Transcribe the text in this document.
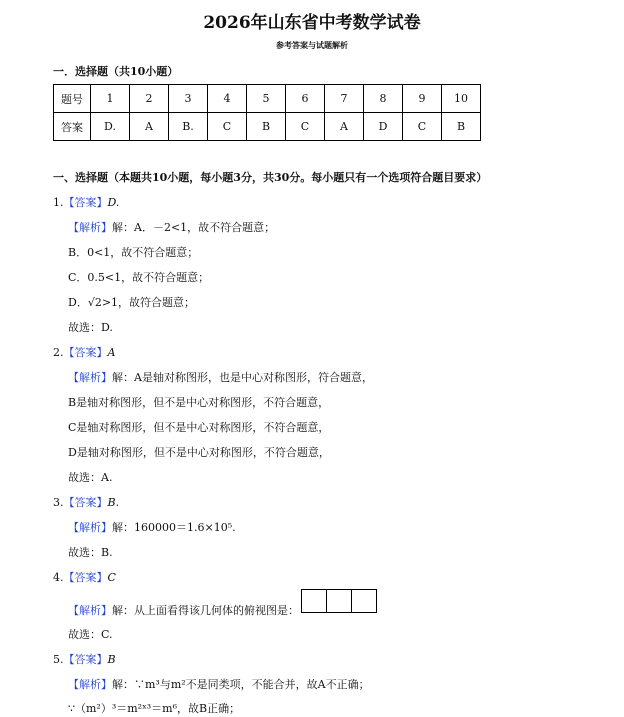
2026年山东省中考数学试卷
参考答案与试题解析
一．选择题（共10小题）
题号	1	2	3	4	5	6	7	8	9	10
答案	D.	A	B.	C	B	C	A	D	C	B
一、选择题（本题共10小题，每小题3分，共30分。每小题只有一个选项符合题目要求）
1.【答案】D.
【解析】解：A．－2<1，故不符合题意；
B．0<1，故不符合题意；
C．0.5<1，故不符合题意；
D．√2>1，故符合题意；
故选：D.
2.【答案】A
【解析】解：A是轴对称图形，也是中心对称图形，符合题意，
B是轴对称图形，但不是中心对称图形，不符合题意，
C是轴对称图形，但不是中心对称图形，不符合题意，
D是轴对称图形，但不是中心对称图形，不符合题意，
故选：A.
3.【答案】B.
【解析】解：160000＝1.6×10⁵.
故选：B.
4.【答案】C
【解析】解：从上面看得该几何体的俯视图是：
故选：C.
5.【答案】B
【解析】解：∵m³与m²不是同类项，不能合并，故A不正确；
∵（m²）³＝m²ˣ³＝m⁶，故B正确；
